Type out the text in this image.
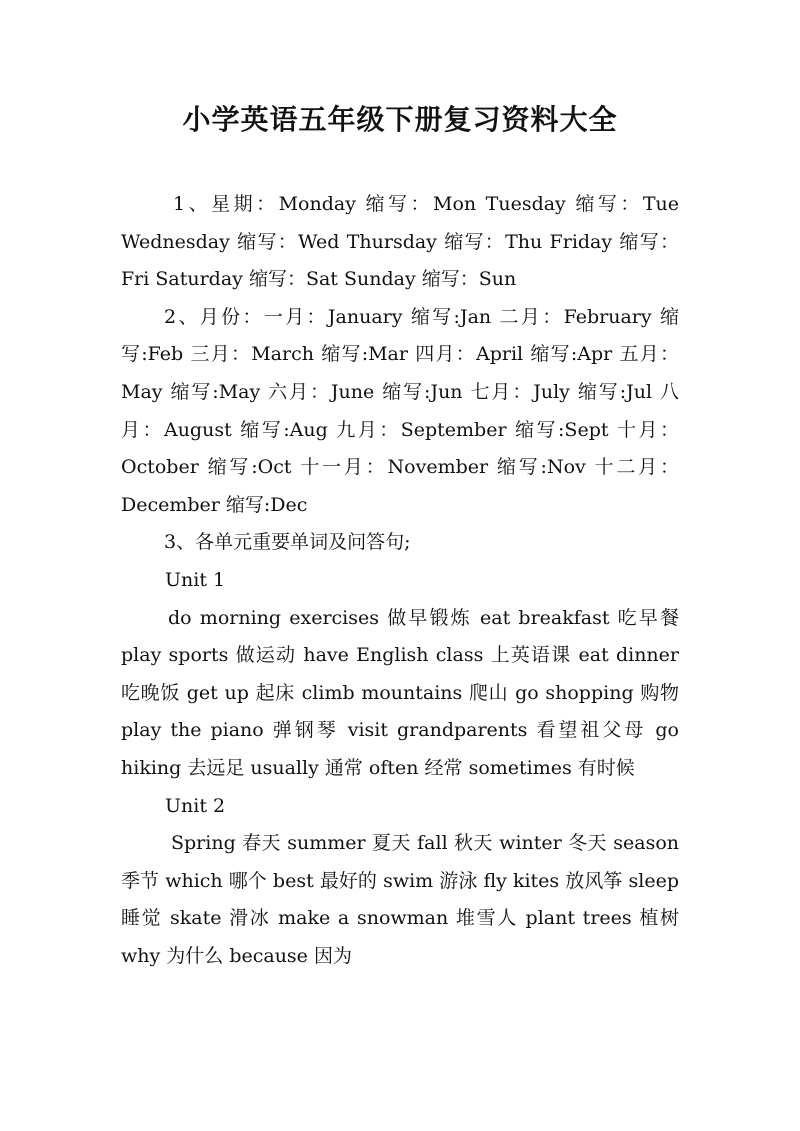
小学英语五年级下册复习资料大全

1、星期：Monday 缩写：Mon Tuesday 缩写：Tue Wednesday 缩写：Wed Thursday 缩写：Thu Friday 缩写：Fri Saturday 缩写：Sat Sunday 缩写：Sun

2、月份：一月：January 缩写:Jan 二月：February 缩写:Feb 三月：March 缩写:Mar 四月：April 缩写:Apr 五月：May 缩写:May 六月：June 缩写:Jun 七月：July 缩写:Jul 八月：August 缩写:Aug 九月：September 缩写:Sept 十月：October 缩写:Oct 十一月：November 缩写:Nov 十二月：December 缩写:Dec

3、各单元重要单词及问答句;

Unit 1

do morning exercises 做早锻炼 eat breakfast 吃早餐 play sports 做运动 have English class 上英语课 eat dinner 吃晚饭 get up 起床 climb mountains 爬山 go shopping 购物 play the piano 弹钢琴 visit grandparents 看望祖父母 go hiking 去远足 usually 通常 often 经常 sometimes 有时候

Unit 2

Spring 春天 summer 夏天 fall 秋天 winter 冬天 season 季节 which 哪个 best 最好的 swim 游泳 fly kites 放风筝 sleep 睡觉 skate 滑冰 make a snowman 堆雪人 plant trees 植树 why 为什么 because 因为
